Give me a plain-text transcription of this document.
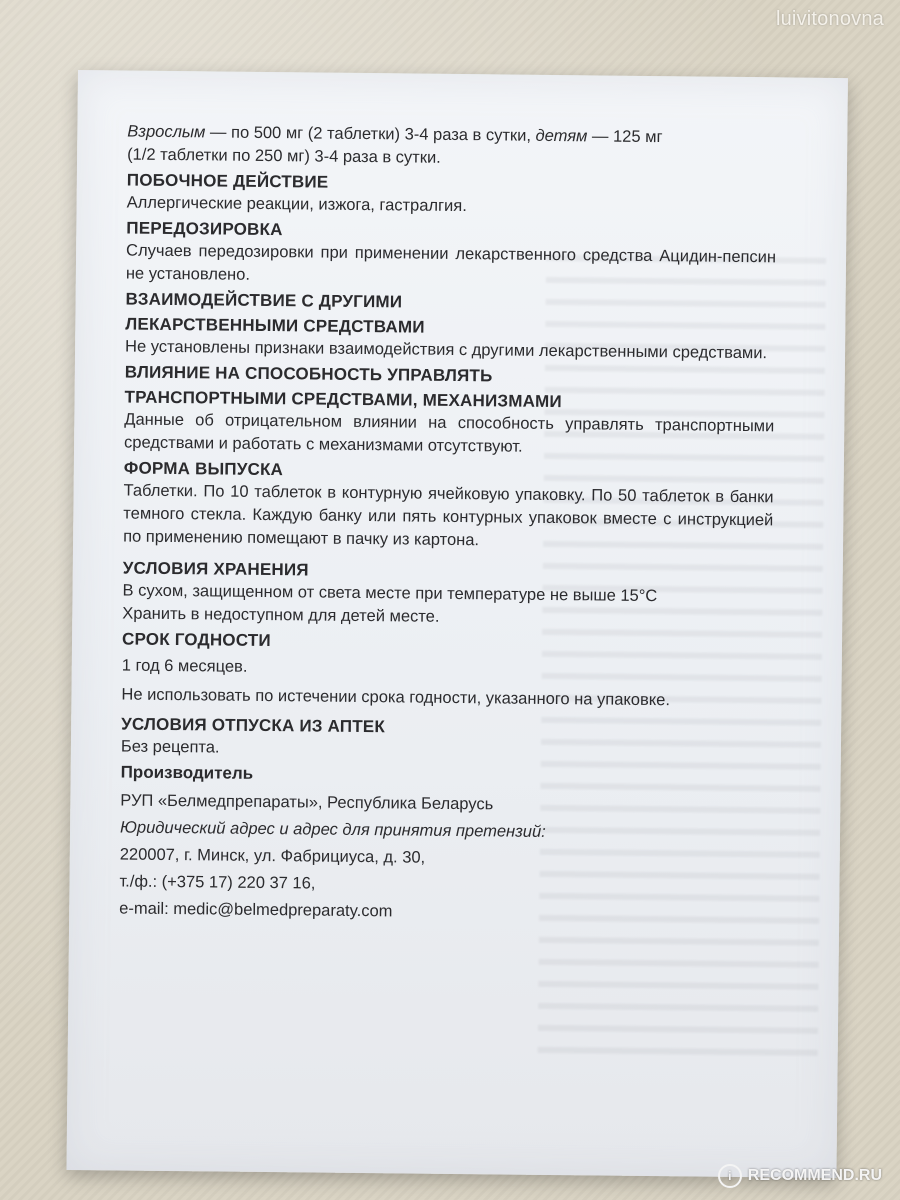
luivitonovna

Взрослым — по 500 мг (2 таблетки) 3-4 раза в сутки, детям — 125 мг

(1/2 таблетки по 250 мг) 3-4 раза в сутки.

ПОБОЧНОЕ ДЕЙСТВИЕ

Аллергические реакции, изжога, гастралгия.

ПЕРЕДОЗИРОВКА

Случаев передозировки при применении лекарственного средства Ацидин-пепсин не установлено.

ВЗАИМОДЕЙСТВИЕ С ДРУГИМИ

ЛЕКАРСТВЕННЫМИ СРЕДСТВАМИ

Не установлены признаки взаимодействия с другими лекарственными средствами.

ВЛИЯНИЕ НА СПОСОБНОСТЬ УПРАВЛЯТЬ

ТРАНСПОРТНЫМИ СРЕДСТВАМИ, МЕХАНИЗМАМИ

Данные об отрицательном влиянии на способность управлять транспортными средствами и работать с механизмами отсутствуют.

ФОРМА ВЫПУСКА

Таблетки. По 10 таблеток в контурную ячейковую упаковку. По 50 таблеток в банки темного стекла. Каждую банку или пять контурных упаковок вместе с инструкцией по применению помещают в пачку из картона.

УСЛОВИЯ ХРАНЕНИЯ

В сухом, защищенном от света месте при температуре не выше 15°С

Хранить в недоступном для детей месте.

СРОК ГОДНОСТИ

1 год 6 месяцев.

Не использовать по истечении срока годности, указанного на упаковке.

УСЛОВИЯ ОТПУСКА ИЗ АПТЕК

Без рецепта.

Производитель

РУП «Белмедпрепараты», Республика Беларусь

Юридический адрес и адрес для принятия претензий:

220007, г. Минск, ул. Фабрициуса, д. 30,

т./ф.: (+375 17) 220 37 16,

e-mail: medic@belmedpreparaty.com

i	RECOMMEND.RU
